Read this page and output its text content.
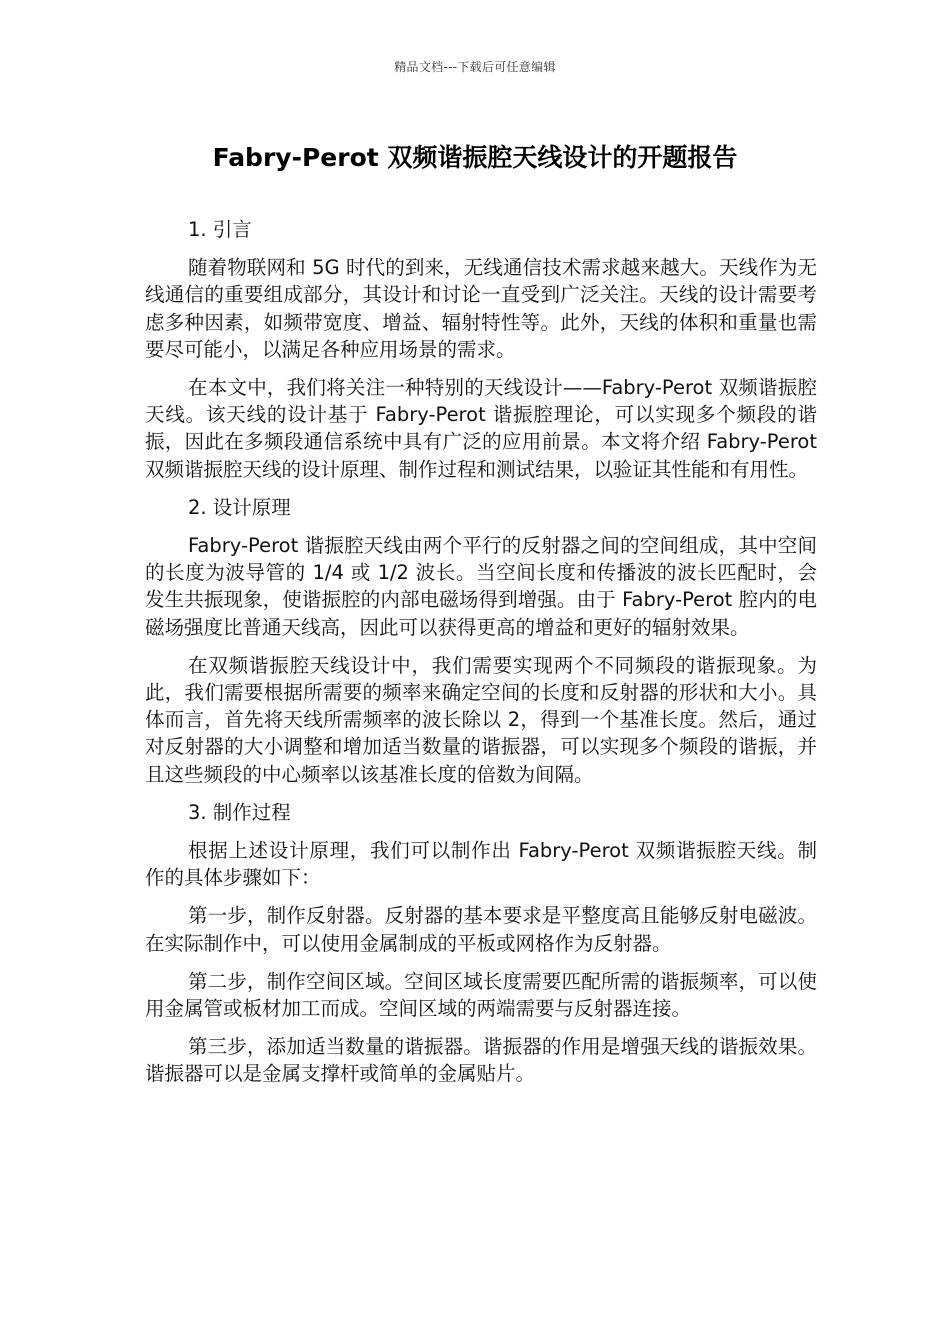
精品文档---下载后可任意编辑
Fabry-Perot 双频谐振腔天线设计的开题报告

1. 引言

随着物联网和 5G 时代的到来，无线通信技术需求越来越大。天线作为无线通信的重要组成部分，其设计和讨论一直受到广泛关注。天线的设计需要考虑多种因素，如频带宽度、增益、辐射特性等。此外，天线的体积和重量也需要尽可能小，以满足各种应用场景的需求。

在本文中，我们将关注一种特别的天线设计——Fabry-Perot 双频谐振腔天线。该天线的设计基于 Fabry-Perot 谐振腔理论，可以实现多个频段的谐振，因此在多频段通信系统中具有广泛的应用前景。本文将介绍 Fabry-Perot 双频谐振腔天线的设计原理、制作过程和测试结果，以验证其性能和有用性。

2. 设计原理

Fabry-Perot 谐振腔天线由两个平行的反射器之间的空间组成，其中空间的长度为波导管的 1/4 或 1/2 波长。当空间长度和传播波的波长匹配时，会发生共振现象，使谐振腔的内部电磁场得到增强。由于 Fabry-Perot 腔内的电磁场强度比普通天线高，因此可以获得更高的增益和更好的辐射效果。

在双频谐振腔天线设计中，我们需要实现两个不同频段的谐振现象。为此，我们需要根据所需要的频率来确定空间的长度和反射器的形状和大小。具体而言，首先将天线所需频率的波长除以 2，得到一个基准长度。然后，通过对反射器的大小调整和增加适当数量的谐振器，可以实现多个频段的谐振，并且这些频段的中心频率以该基准长度的倍数为间隔。

3. 制作过程

根据上述设计原理，我们可以制作出 Fabry-Perot 双频谐振腔天线。制作的具体步骤如下：

第一步，制作反射器。反射器的基本要求是平整度高且能够反射电磁波。在实际制作中，可以使用金属制成的平板或网格作为反射器。

第二步，制作空间区域。空间区域长度需要匹配所需的谐振频率，可以使用金属管或板材加工而成。空间区域的两端需要与反射器连接。

第三步，添加适当数量的谐振器。谐振器的作用是增强天线的谐振效果。谐振器可以是金属支撑杆或简单的金属贴片。
